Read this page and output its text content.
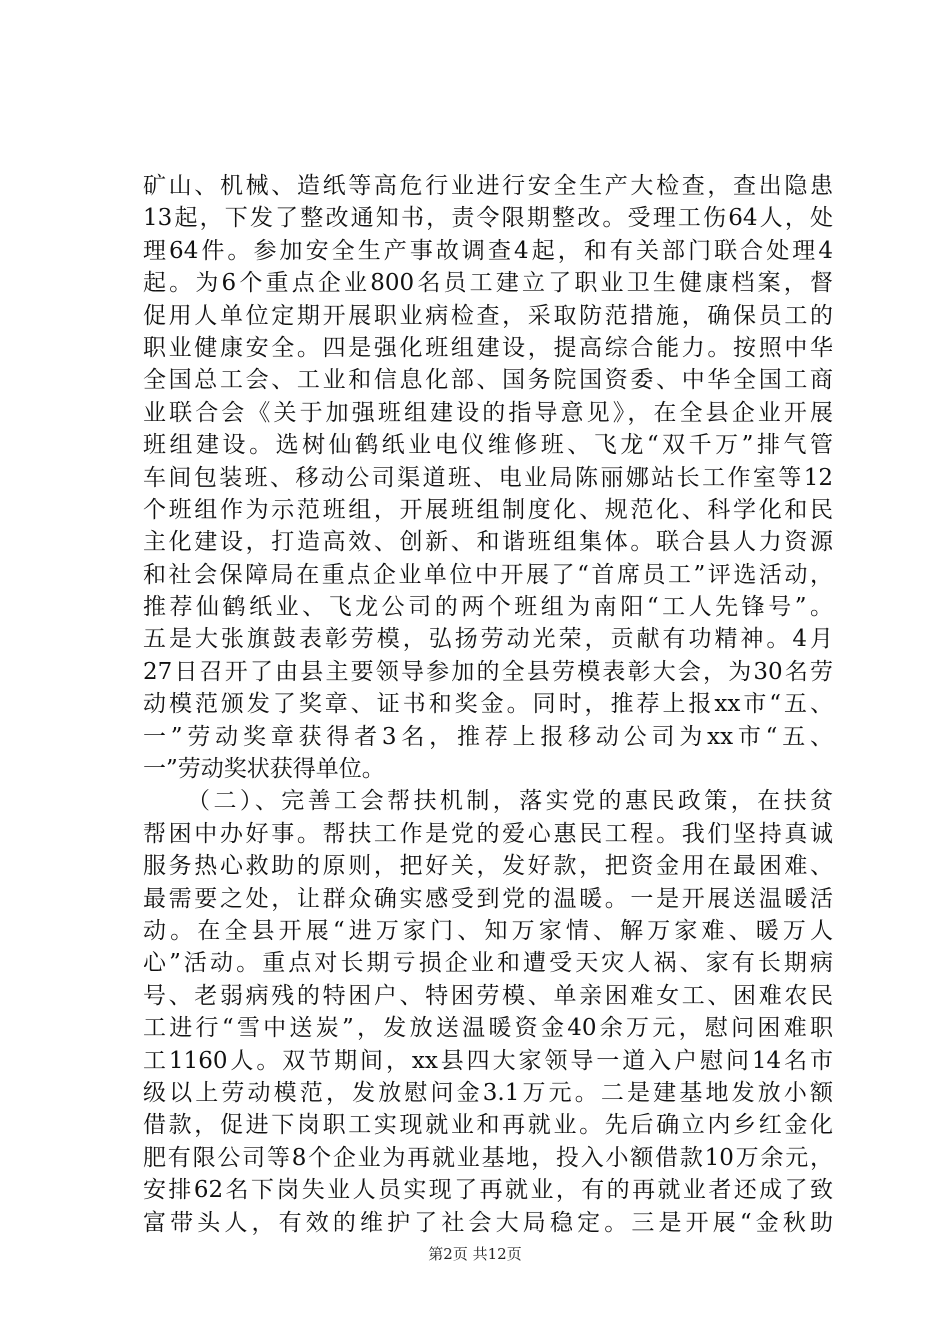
矿山、机械、造纸等高危行业进行安全生产大检查，查出隐患
13起，下发了整改通知书，责令限期整改。受理工伤64人，处
理64件。参加安全生产事故调查4起，和有关部门联合处理4
起。为6个重点企业800名员工建立了职业卫生健康档案，督
促用人单位定期开展职业病检查，采取防范措施，确保员工的
职业健康安全。四是强化班组建设，提高综合能力。按照中华
全国总工会、工业和信息化部、国务院国资委、中华全国工商
业联合会《关于加强班组建设的指导意见》，在全县企业开展
班组建设。选树仙鹤纸业电仪维修班、飞龙“双千万”排气管
车间包装班、移动公司渠道班、电业局陈丽娜站长工作室等12
个班组作为示范班组，开展班组制度化、规范化、科学化和民
主化建设，打造高效、创新、和谐班组集体。联合县人力资源
和社会保障局在重点企业单位中开展了“首席员工”评选活动，
推荐仙鹤纸业、飞龙公司的两个班组为南阳“工人先锋号”。
五是大张旗鼓表彰劳模，弘扬劳动光荣，贡献有功精神。4月
27日召开了由县主要领导参加的全县劳模表彰大会，为30名劳
动模范颁发了奖章、证书和奖金。同时，推荐上报xx市“五、
一”劳动奖章获得者3名，推荐上报移动公司为xx市“五、
一”劳动奖状获得单位。
（二）、完善工会帮扶机制，落实党的惠民政策，在扶贫
帮困中办好事。帮扶工作是党的爱心惠民工程。我们坚持真诚
服务热心救助的原则，把好关，发好款，把资金用在最困难、
最需要之处，让群众确实感受到党的温暖。一是开展送温暖活
动。在全县开展“进万家门、知万家情、解万家难、暖万人
心”活动。重点对长期亏损企业和遭受天灾人祸、家有长期病
号、老弱病残的特困户、特困劳模、单亲困难女工、困难农民
工进行“雪中送炭”，发放送温暖资金40余万元，慰问困难职
工1160人。双节期间，xx县四大家领导一道入户慰问14名市
级以上劳动模范，发放慰问金3.1万元。二是建基地发放小额
借款，促进下岗职工实现就业和再就业。先后确立内乡红金化
肥有限公司等8个企业为再就业基地，投入小额借款10万余元，
安排62名下岗失业人员实现了再就业，有的再就业者还成了致
富带头人，有效的维护了社会大局稳定。三是开展“金秋助
第2页 共12页
